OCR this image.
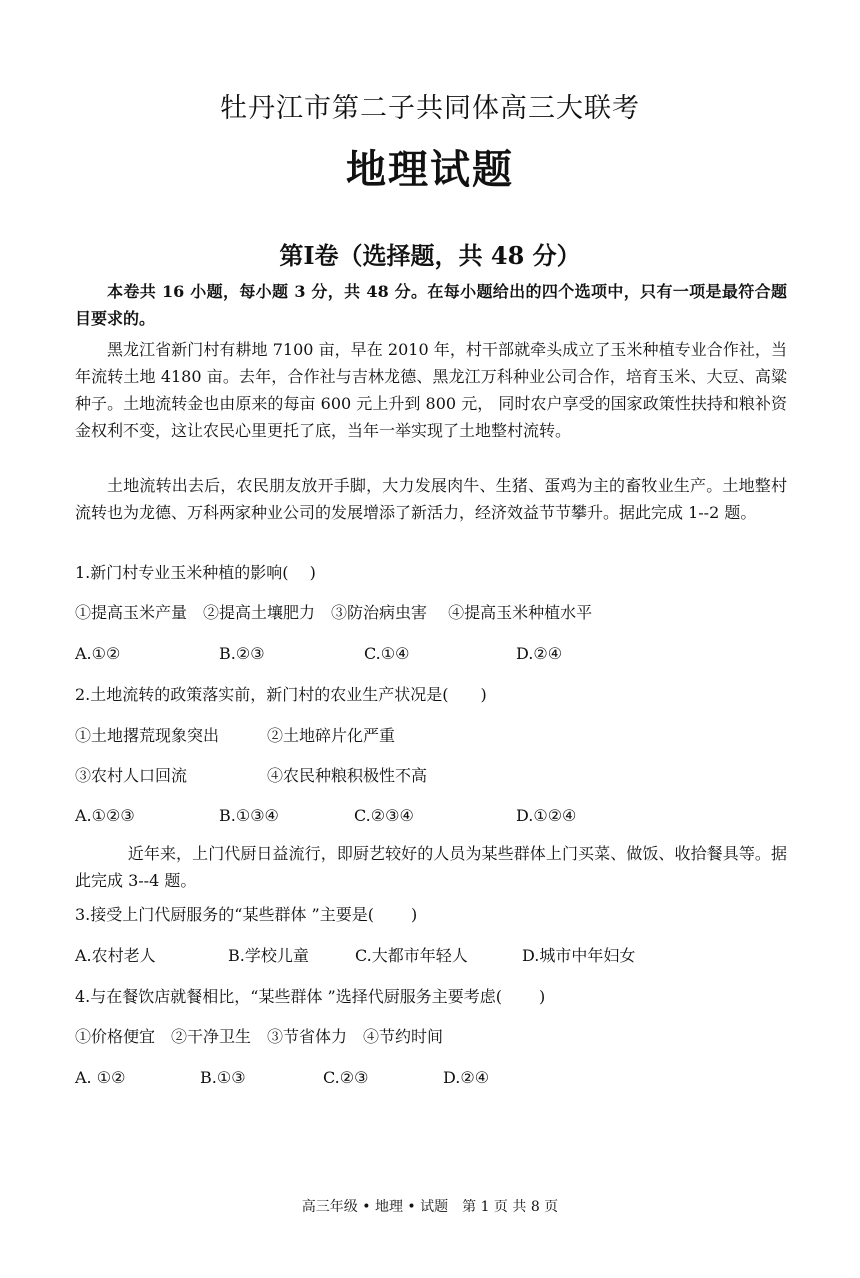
牡丹江市第二子共同体高三大联考
地理试题
第Ⅰ卷（选择题，共 48 分）
本卷共 16 小题，每小题 3 分，共 48 分。在每小题给出的四个选项中，只有一项是最符合题目要求的。
黑龙江省新门村有耕地 7100 亩，早在 2010 年，村干部就牵头成立了玉米种植专业合作社，当年流转土地 4180 亩。去年，合作社与吉林龙德、黑龙江万科种业公司合作，培育玉米、大豆、高粱种子。土地流转金也由原来的每亩 600 元上升到 800 元， 同时农户享受的国家政策性扶持和粮补资金权利不变，这让农民心里更托了底，当年一举实现了土地整村流转。
土地流转出去后，农民朋友放开手脚，大力发展肉牛、生猪、蛋鸡为主的畜牧业生产。土地整村流转也为龙德、万科两家种业公司的发展增添了新活力，经济效益节节攀升。据此完成 1--2 题。
1.新门村专业玉米种植的影响(　 )
①提高玉米产量　②提高土壤肥力　③防治病虫害　 ④提高玉米种植水平
A.①②	B.②③	C.①④	D.②④
2.土地流转的政策落实前，新门村的农业生产状况是(　　)
①土地撂荒现象突出　　　②土地碎片化严重
③农村人口回流　　　　　④农民种粮积极性不高
A.①②③	B.①③④	C.②③④	D.①②④
近年来，上门代厨日益流行，即厨艺较好的人员为某些群体上门买菜、做饭、收拾餐具等。据此完成 3--4 题。
3.接受上门代厨服务的“某些群体 ”主要是(　　 )
A.农村老人	B.学校儿童	C.大都市年轻人	D.城市中年妇女
4.与在餐饮店就餐相比，“某些群体 ”选择代厨服务主要考虑(　　 )
①价格便宜　②干净卫生　③节省体力　④节约时间
A. ①②	B.①③	C.②③	D.②④
高三年级 • 地理 • 试题　第 1 页 共 8 页
